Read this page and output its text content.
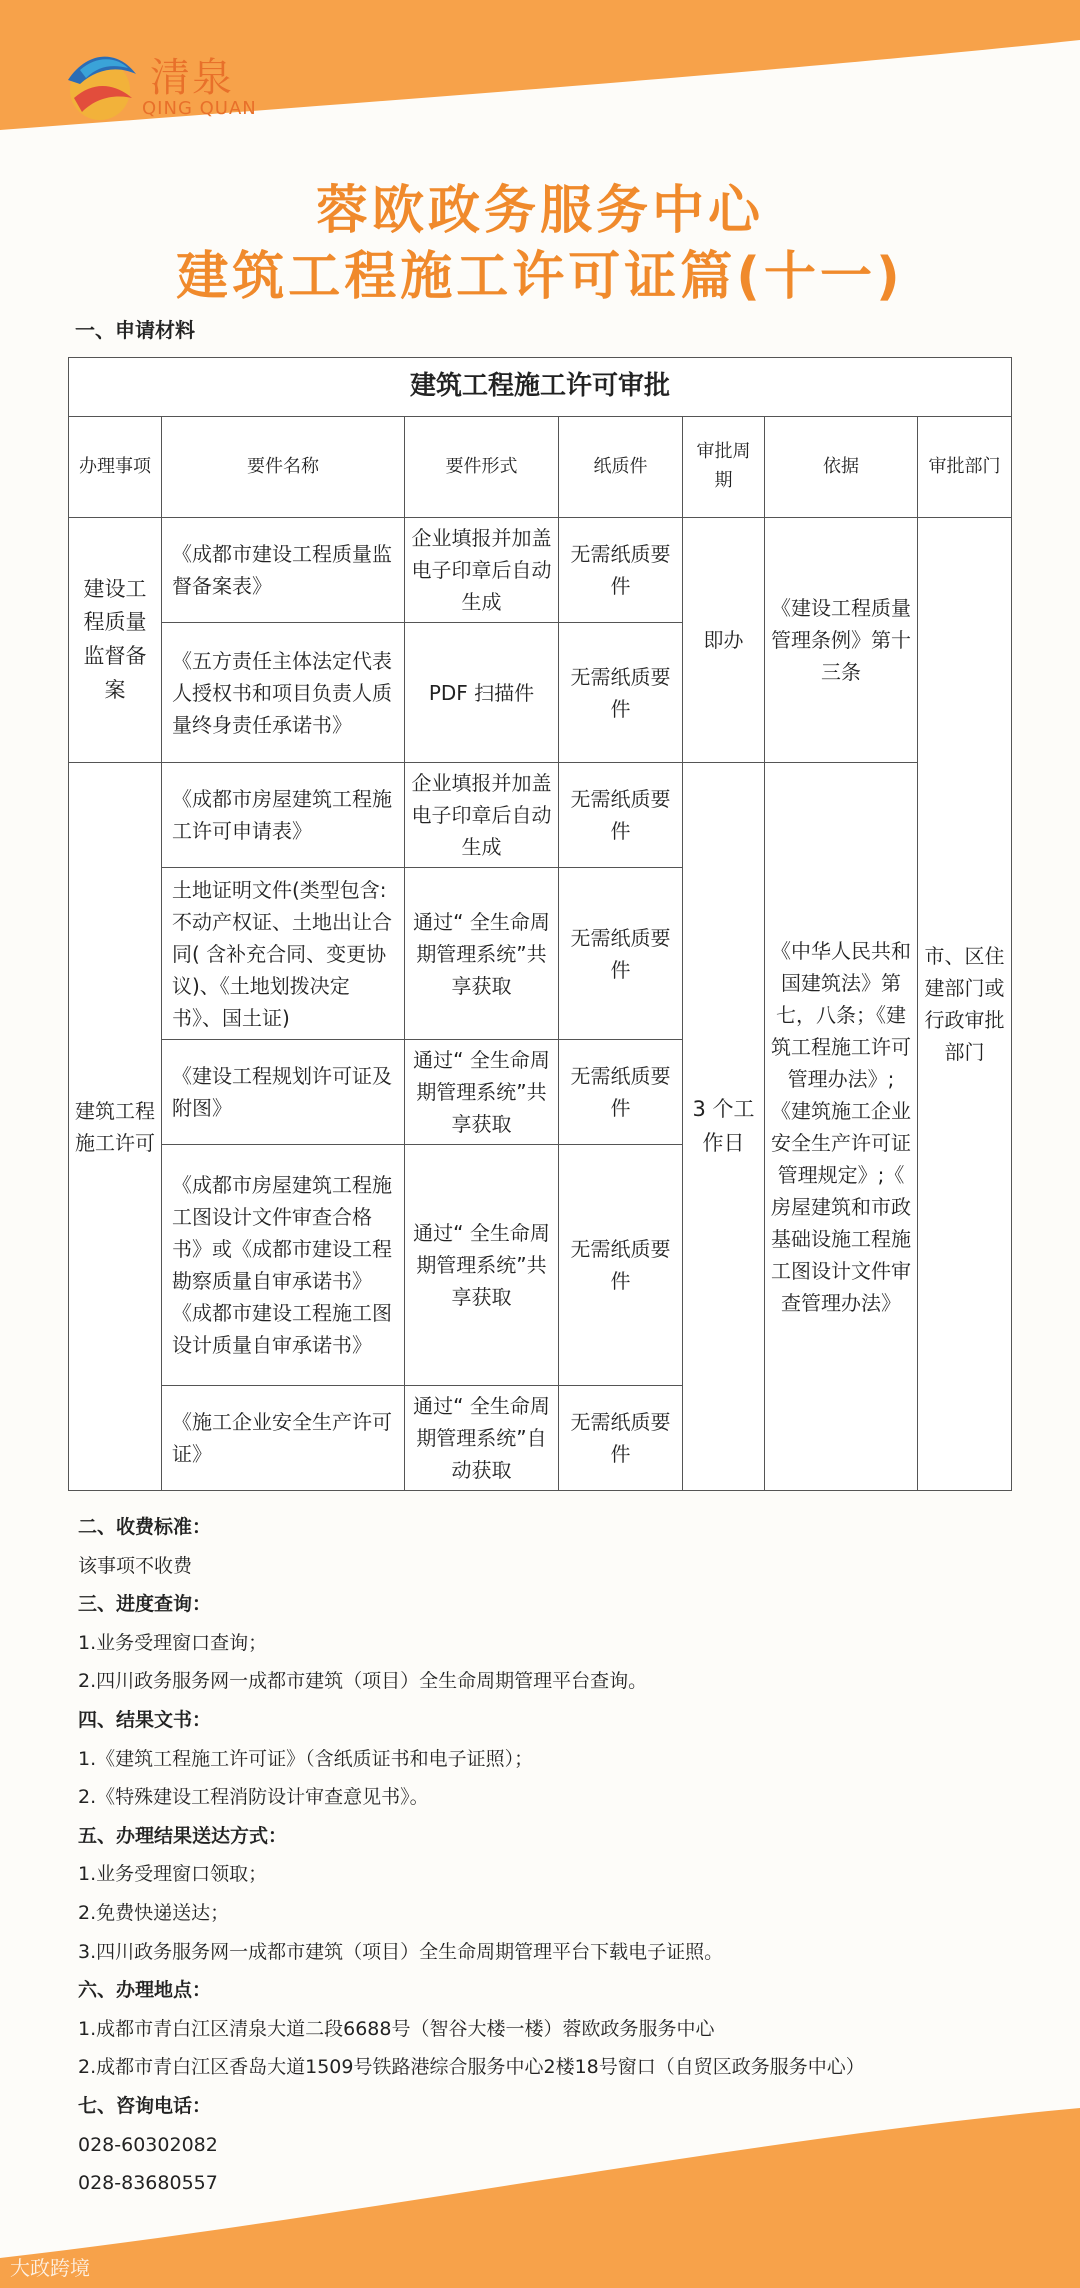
清泉
QING QUAN
蓉欧政务服务中心
建筑工程施工许可证篇(十一)
一、申请材料
建筑工程施工许可审批						
办理事项	要件名称	要件形式	纸质件	审批周期	依据	审批部门
建设工程质量监督备案	《成都市建设工程质量监督备案表》	企业填报并加盖电子印章后自动生成	无需纸质要件	即办	《建设工程质量管理条例》第十三条	市、区住建部门或行政审批部门
	《五方责任主体法定代表人授权书和项目负责人质量终身责任承诺书》	PDF 扫描件	无需纸质要件			
建筑工程施工许可	《成都市房屋建筑工程施工许可申请表》	企业填报并加盖电子印章后自动生成	无需纸质要件	3 个工作日	《中华人民共和国建筑法》第七，八条；《建筑工程施工许可管理办法》;《建筑施工企业安全生产许可证管理规定》;《 房屋建筑和市政基础设施工程施工图设计文件审查管理办法》	
	土地证明文件(类型包含:不动产权证、土地出让合同( 含补充合同、变更协议)、《土地划拨决定书》、国土证)	通过“ 全生命周期管理系统”共享获取	无需纸质要件			
	《建设工程规划许可证及附图》	通过“ 全生命周期管理系统”共享获取	无需纸质要件			
	《成都市房屋建筑工程施工图设计文件审查合格书》或《成都市建设工程勘察质量自审承诺书》《成都市建设工程施工图设计质量自审承诺书》	通过“ 全生命周期管理系统”共享获取	无需纸质要件			
	《施工企业安全生产许可证》	通过“ 全生命周期管理系统”自动获取	无需纸质要件			
二、收费标准：
该事项不收费
三、进度查询：
1.业务受理窗口查询；
2.四川政务服务网一成都市建筑（项目）全生命周期管理平台查询。
四、结果文书：
1.《建筑工程施工许可证》（含纸质证书和电子证照）；
2.《特殊建设工程消防设计审查意见书》。
五、办理结果送达方式：
1.业务受理窗口领取；
2.免费快递送达；
3.四川政务服务网一成都市建筑（项目）全生命周期管理平台下载电子证照。
六、办理地点：
1.成都市青白江区清泉大道二段6688号（智谷大楼一楼）蓉欧政务服务中心
2.成都市青白江区香岛大道1509号铁路港综合服务中心2楼18号窗口（自贸区政务服务中心）
七、咨询电话：
028-60302082
028-83680557
大政跨境
